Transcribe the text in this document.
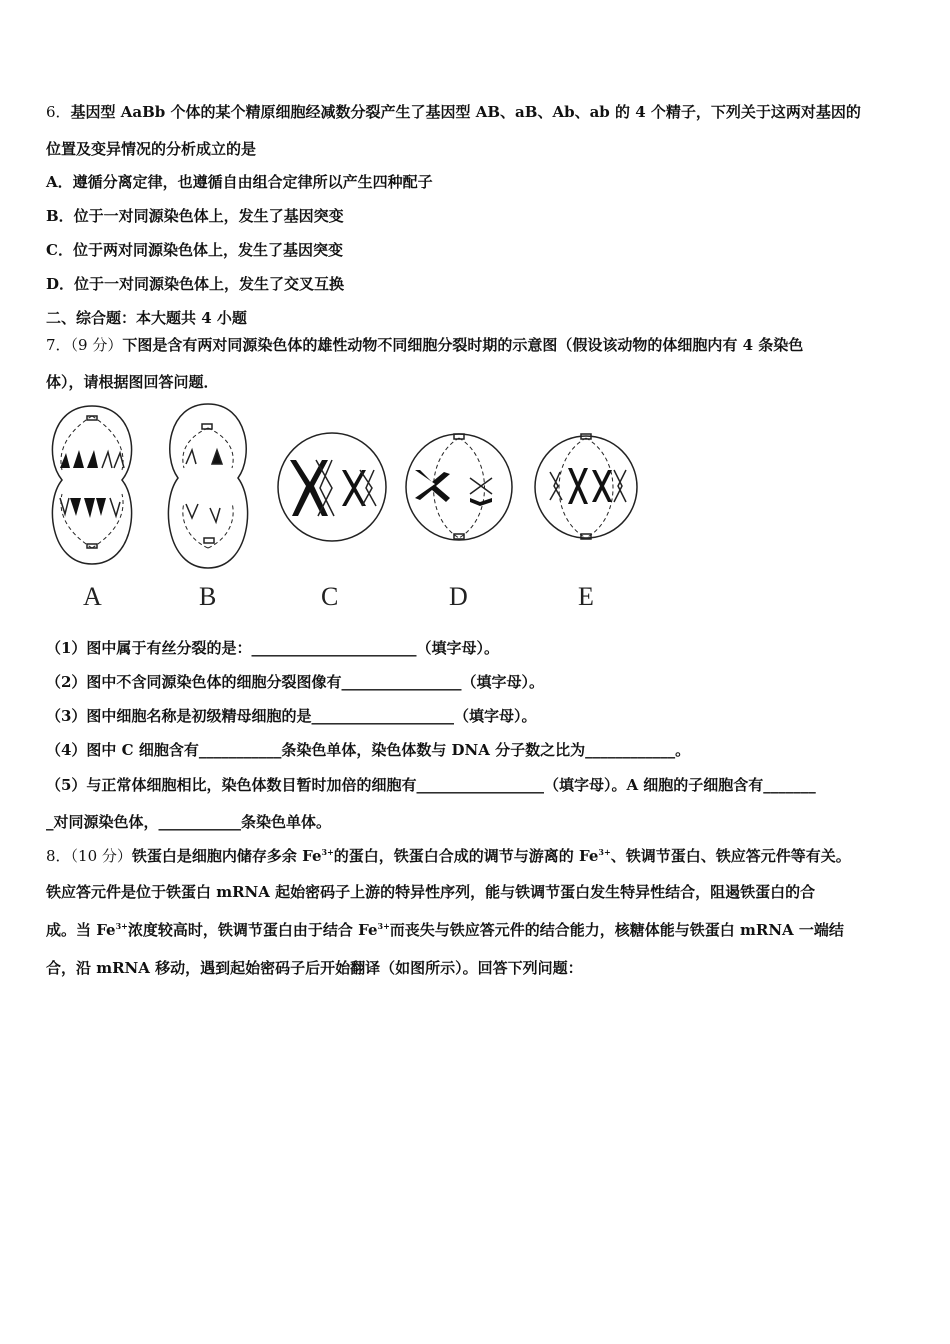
6．基因型 AaBb 个体的某个精原细胞经减数分裂产生了基因型 AB、aB、Ab、ab 的 4 个精子，下列关于这两对基因的
位置及变异情况的分析成立的是
A．遵循分离定律，也遵循自由组合定律所以产生四种配子
B．位于一对同源染色体上，发生了基因突变
C．位于两对同源染色体上，发生了基因突变
D．位于一对同源染色体上，发生了交叉互换
二、综合题：本大题共 4 小题
7．（9 分）下图是含有两对同源染色体的雄性动物不同细胞分裂时期的示意图（假设该动物的体细胞内有 4 条染色
体），请根据图回答问题．
A	B	C	D	E
（1）图中属于有丝分裂的是：______________________（填字母）。
（2）图中不含同源染色体的细胞分裂图像有________________（填字母）。
（3）图中细胞名称是初级精母细胞的是___________________（填字母）。
（4）图中 C 细胞含有___________条染色单体，染色体数与 DNA 分子数之比为____________。
（5）与正常体细胞相比，染色体数目暂时加倍的细胞有_________________（填字母）。A 细胞的子细胞含有_______
_对同源染色体，___________条染色单体。
8．（10 分）铁蛋白是细胞内储存多余 $Fe^{3+}$的蛋白，铁蛋白合成的调节与游离的 $Fe^{3+}$、铁调节蛋白、铁应答元件等有关。
铁应答元件是位于铁蛋白 mRNA 起始密码子上游的特异性序列，能与铁调节蛋白发生特异性结合，阻遏铁蛋白的合
成。当 $Fe^{3+}$浓度较高时，铁调节蛋白由于结合 $Fe^{3+}$而丧失与铁应答元件的结合能力，核糖体能与铁蛋白 mRNA 一端结
合，沿 mRNA 移动，遇到起始密码子后开始翻译（如图所示）。回答下列问题：
